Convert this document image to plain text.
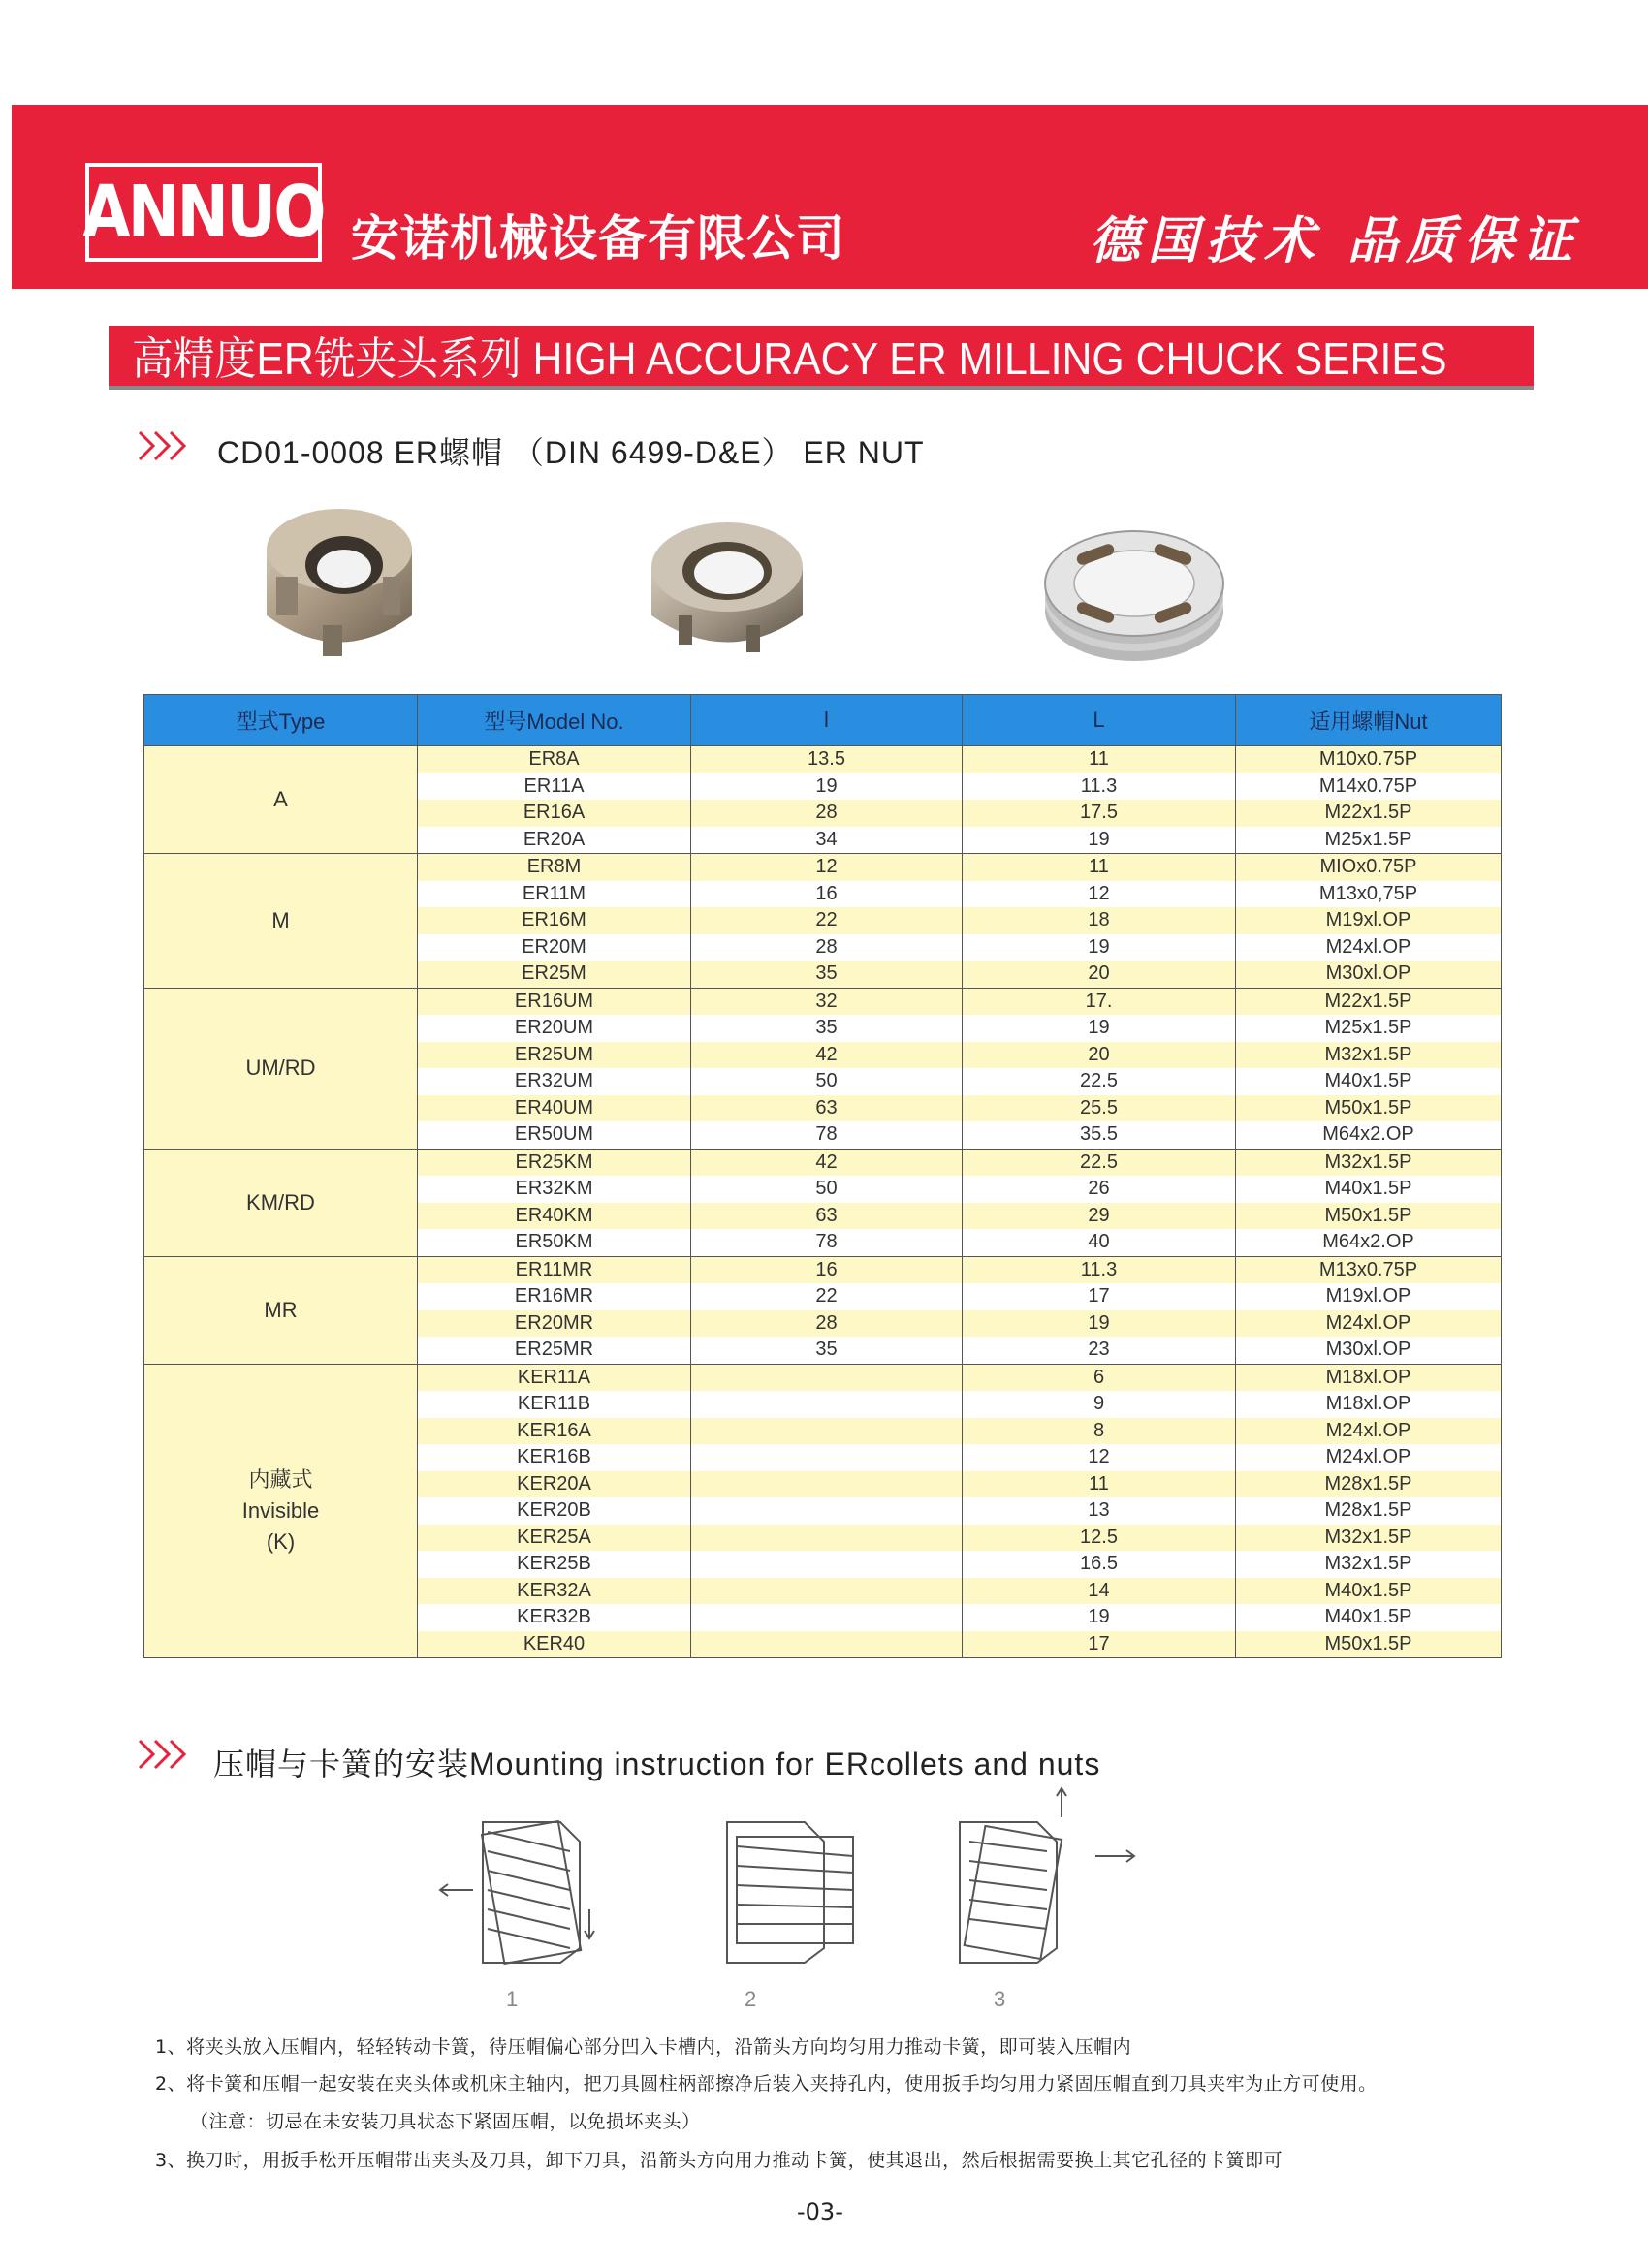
ANNUO 安诺机械设备有限公司	德国技术 品质保证
高精度ER铣夹头系列 HIGH ACCURACY ER MILLING CHUCK SERIES
CD01-0008 ER螺帽 （DIN 6499-D&E） ER NUT
型式Type	型号Model No.	l	L	适用螺帽Nut
A	ER8A	13.5	11	M10x0.75P
	ER11A	19	11.3	M14x0.75P
	ER16A	28	17.5	M22x1.5P
	ER20A	34	19	M25x1.5P
M	ER8M	12	11	MIOx0.75P
	ER11M	16	12	M13x0,75P
	ER16M	22	18	M19xl.OP
	ER20M	28	19	M24xl.OP
	ER25M	35	20	M30xl.OP
UM/RD	ER16UM	32	17.	M22x1.5P
	ER20UM	35	19	M25x1.5P
	ER25UM	42	20	M32x1.5P
	ER32UM	50	22.5	M40x1.5P
	ER40UM	63	25.5	M50x1.5P
	ER50UM	78	35.5	M64x2.OP
KM/RD	ER25KM	42	22.5	M32x1.5P
	ER32KM	50	26	M40x1.5P
	ER40KM	63	29	M50x1.5P
	ER50KM	78	40	M64x2.OP
MR	ER11MR	16	11.3	M13x0.75P
	ER16MR	22	17	M19xl.OP
	ER20MR	28	19	M24xl.OP
	ER25MR	35	23	M30xl.OP
内藏式
Invisible
(K)	KER11A		6	M18xl.OP
	KER11B		9	M18xl.OP
	KER16A		8	M24xl.OP
	KER16B		12	M24xl.OP
	KER20A		11	M28x1.5P
	KER20B		13	M28x1.5P
	KER25A		12.5	M32x1.5P
	KER25B		16.5	M32x1.5P
	KER32A		14	M40x1.5P
	KER32B		19	M40x1.5P
	KER40		17	M50x1.5P
压帽与卡簧的安装Mounting instruction for ERcollets and nuts
1	2	3
1、将夹头放入压帽内，轻轻转动卡簧，待压帽偏心部分凹入卡槽内，沿箭头方向均匀用力推动卡簧，即可装入压帽内
2、将卡簧和压帽一起安装在夹头体或机床主轴内，把刀具圆柱柄部擦净后装入夹持孔内，使用扳手均匀用力紧固压帽直到刀具夹牢为止方可使用。
（注意：切忌在未安装刀具状态下紧固压帽，以免损坏夹头）
3、换刀时，用扳手松开压帽带出夹头及刀具，卸下刀具，沿箭头方向用力推动卡簧，使其退出，然后根据需要换上其它孔径的卡簧即可
-03-
